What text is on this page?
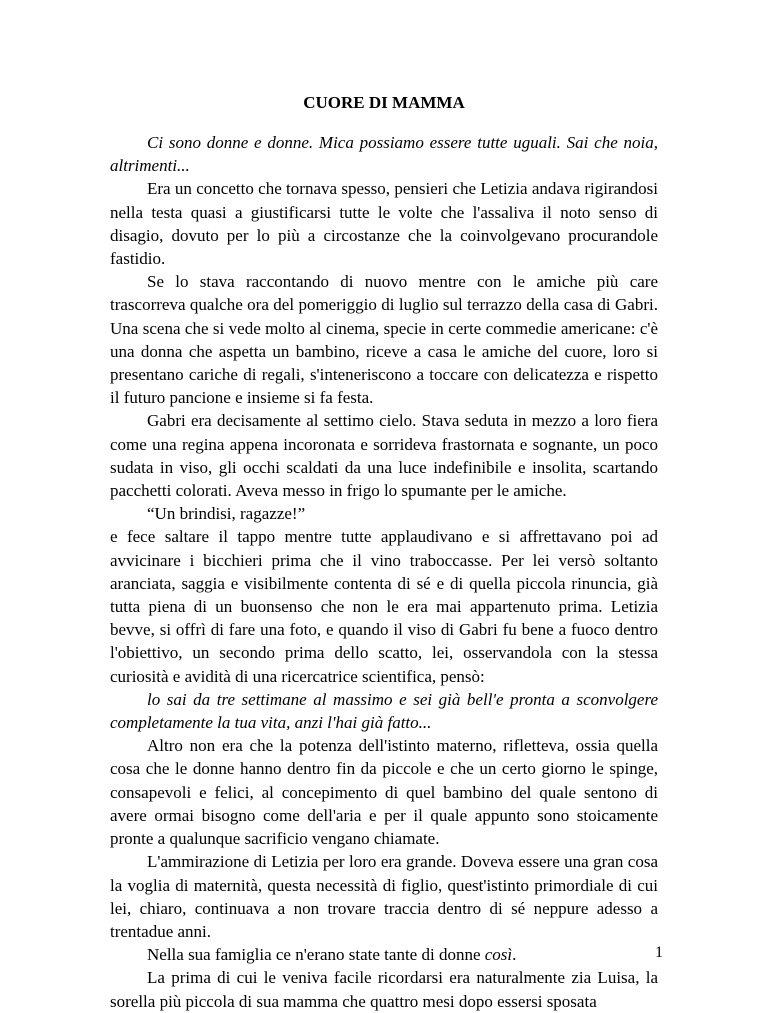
CUORE DI MAMMA

Ci sono donne e donne. Mica possiamo essere tutte uguali. Sai che noia, altrimenti...

Era un concetto che tornava spesso, pensieri che Letizia andava rigirandosi nella testa quasi a giustificarsi tutte le volte che l'assaliva il noto senso di disagio, dovuto per lo più a circostanze che la coinvolgevano procurandole fastidio.

Se lo stava raccontando di nuovo mentre con le amiche più care trascorreva qualche ora del pomeriggio di luglio sul terrazzo della casa di Gabri. Una scena che si vede molto al cinema, specie in certe commedie americane: c'è una donna che aspetta un bambino, riceve a casa le amiche del cuore, loro si presentano cariche di regali, s'inteneriscono a toccare con delicatezza e rispetto il futuro pancione e insieme si fa festa.

Gabri era decisamente al settimo cielo. Stava seduta in mezzo a loro fiera come una regina appena incoronata e sorrideva frastornata e sognante, un poco sudata in viso, gli occhi scaldati da una luce indefinibile e insolita, scartando pacchetti colorati. Aveva messo in frigo lo spumante per le amiche.

“Un brindisi, ragazze!”

e fece saltare il tappo mentre tutte applaudivano e si affrettavano poi ad avvicinare i bicchieri prima che il vino traboccasse. Per lei versò soltanto aranciata, saggia e visibilmente contenta di sé e di quella piccola rinuncia, già tutta piena di un buonsenso che non le era mai appartenuto prima. Letizia bevve, si offrì di fare una foto, e quando il viso di Gabri fu bene a fuoco dentro l'obiettivo, un secondo prima dello scatto, lei, osservandola con la stessa curiosità e avidità di una ricercatrice scientifica, pensò:

lo sai da tre settimane al massimo e sei già bell'e pronta a sconvolgere completamente la tua vita, anzi l'hai già fatto...

Altro non era che la potenza dell'istinto materno, rifletteva, ossia quella cosa che le donne hanno dentro fin da piccole e che un certo giorno le spinge, consapevoli e felici, al concepimento di quel bambino del quale sentono di avere ormai bisogno come dell'aria e per il quale appunto sono stoicamente pronte a qualunque sacrificio vengano chiamate.

L'ammirazione di Letizia per loro era grande. Doveva essere una gran cosa la voglia di maternità, questa necessità di figlio, quest'istinto primordiale di cui lei, chiaro, continuava a non trovare traccia dentro di sé neppure adesso a trentadue anni.

Nella sua famiglia ce n'erano state tante di donne così.

La prima di cui le veniva facile ricordarsi era naturalmente zia Luisa, la sorella più piccola di sua mamma che quattro mesi dopo essersi sposata

1
